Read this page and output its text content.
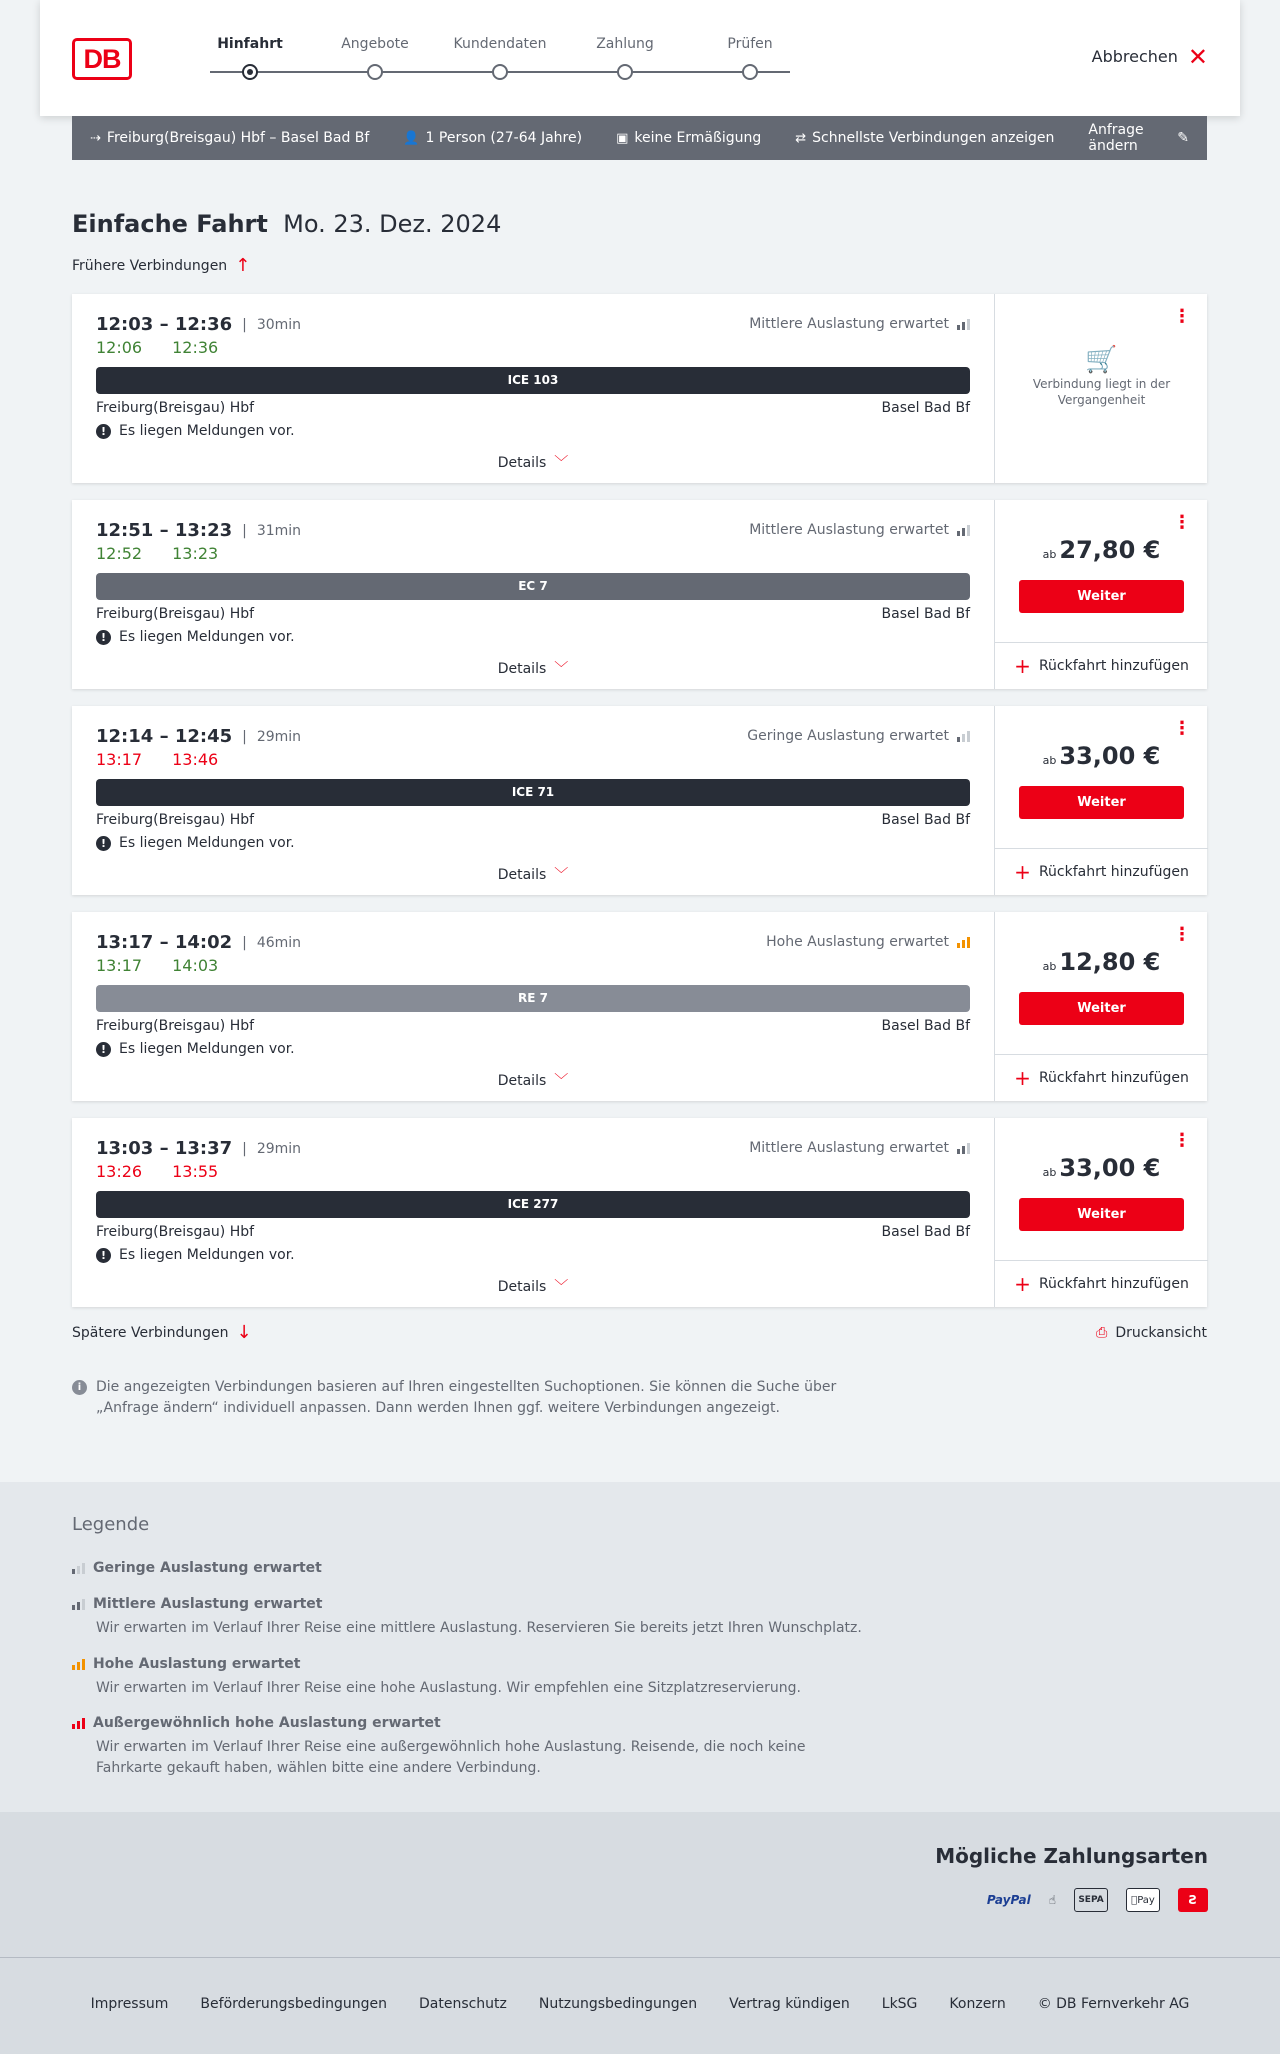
DB	Hinfahrt	Angebote	Kundendaten	Zahlung	Prüfen
Abbrechen ✕
⇢ Freiburg(Breisgau) Hbf – Basel Bad Bf	👤 1 Person (27-64 Jahre)	▣ keine Ermäßigung	⇄ Schnellste Verbindungen anzeigen Anfrage ändern	✎
Einfache Fahrt Mo. 23. Dez. 2024
Frühere Verbindungen ↑
12:03 – 12:36 | 30min
12:06 12:36
Mittlere Auslastung erwartet
ICE 103
Freiburg(Breisgau) Hbf	Basel Bad Bf
! Es liegen Meldungen vor.
Details ﹀
⋮
🛒
Verbindung liegt in der Vergangenheit
12:51 – 13:23 | 31min
12:52 13:23
Mittlere Auslastung erwartet
EC 7
Freiburg(Breisgau) Hbf	Basel Bad Bf
! Es liegen Meldungen vor.
Details ﹀
⋮
ab 27,80 €
Weiter
+ Rückfahrt hinzufügen
12:14 – 12:45 | 29min
13:17 13:46
Geringe Auslastung erwartet
ICE 71
Freiburg(Breisgau) Hbf	Basel Bad Bf
! Es liegen Meldungen vor.
Details ﹀
⋮
ab 33,00 €
Weiter
+ Rückfahrt hinzufügen
13:17 – 14:02 | 46min
13:17 14:03
Hohe Auslastung erwartet
RE 7
Freiburg(Breisgau) Hbf	Basel Bad Bf
! Es liegen Meldungen vor.
Details ﹀
⋮
ab 12,80 €
Weiter
+ Rückfahrt hinzufügen
13:03 – 13:37 | 29min
13:26 13:55
Mittlere Auslastung erwartet
ICE 277
Freiburg(Breisgau) Hbf	Basel Bad Bf
! Es liegen Meldungen vor.
Details ﹀
⋮
ab 33,00 €
Weiter
+ Rückfahrt hinzufügen
Spätere Verbindungen ↓	⎙ Druckansicht
i	Die angezeigten Verbindungen basieren auf Ihren eingestellten Suchoptionen. Sie können die Suche über „Anfrage ändern“ individuell anpassen. Dann werden Ihnen ggf. weitere Verbindungen angezeigt.
Legende
Geringe Auslastung erwartet
Mittlere Auslastung erwartet
Wir erwarten im Verlauf Ihrer Reise eine mittlere Auslastung. Reservieren Sie bereits jetzt Ihren Wunschplatz.
Hohe Auslastung erwartet
Wir erwarten im Verlauf Ihrer Reise eine hohe Auslastung. Wir empfehlen eine Sitzplatzreservierung.
Außergewöhnlich hohe Auslastung erwartet
Wir erwarten im Verlauf Ihrer Reise eine außergewöhnlich hohe Auslastung. Reisende, die noch keine Fahrkarte gekauft haben, wählen bitte eine andere Verbindung.
Mögliche Zahlungsarten
PayPal ☝	SEPA	Pay	Ƨ
Impressum Beförderungsbedingungen Datenschutz Nutzungsbedingungen Vertrag kündigen LkSG Konzern © DB Fernverkehr AG
